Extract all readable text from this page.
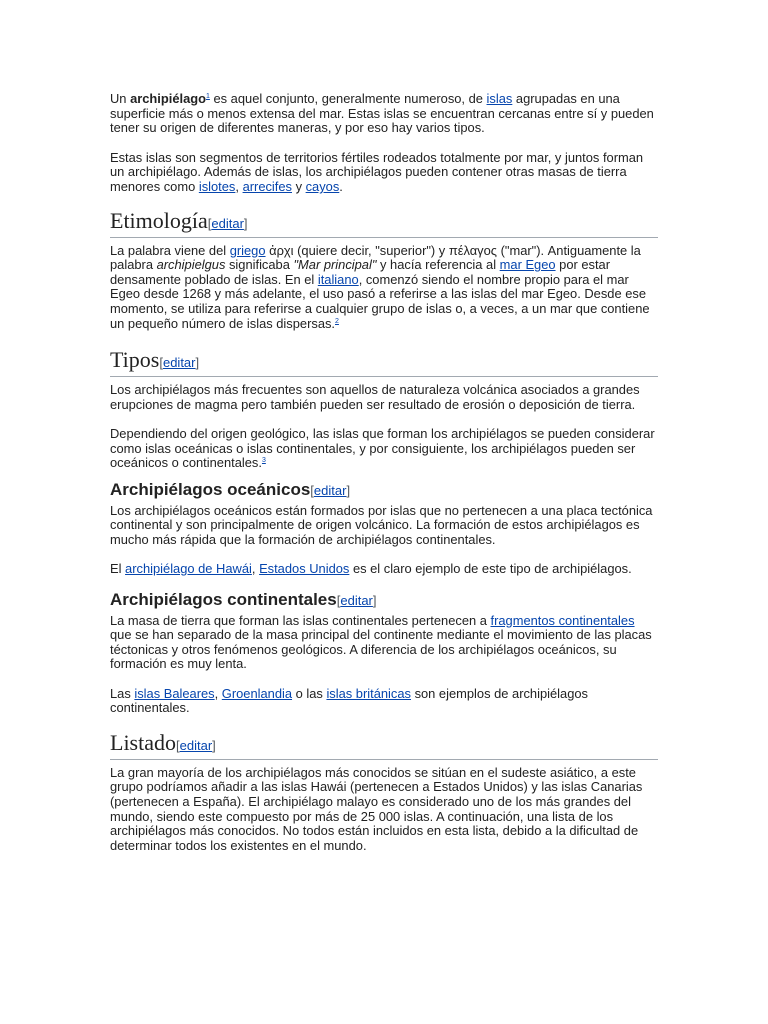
Un archipiélago$^1$ es aquel conjunto, generalmente numeroso, de islas agrupadas en una superficie más o menos extensa del mar. Estas islas se encuentran cercanas entre sí y pueden tener su origen de diferentes maneras, y por eso hay varios tipos.

Estas islas son segmentos de territorios fértiles rodeados totalmente por mar, y juntos forman un archipiélago. Además de islas, los archipiélagos pueden contener otras masas de tierra menores como islotes, arrecifes y cayos.

Etimología[editar]

La palabra viene del griego ἀρχι (quiere decir, "superior") y πέλαγος ("mar"). Antiguamente la palabra archipielgus significaba "Mar principal" y hacía referencia al mar Egeo por estar densamente poblado de islas. En el italiano, comenzó siendo el nombre propio para el mar Egeo desde 1268 y más adelante, el uso pasó a referirse a las islas del mar Egeo. Desde ese momento, se utiliza para referirse a cualquier grupo de islas o, a veces, a un mar que contiene un pequeño número de islas dispersas.$^2$

Tipos[editar]

Los archipiélagos más frecuentes son aquellos de naturaleza volcánica asociados a grandes erupciones de magma pero también pueden ser resultado de erosión o deposición de tierra.

Dependiendo del origen geológico, las islas que forman los archipiélagos se pueden considerar como islas oceánicas o islas continentales, y por consiguiente, los archipiélagos pueden ser oceánicos o continentales.$^3$

Archipiélagos oceánicos[editar]

Los archipiélagos oceánicos están formados por islas que no pertenecen a una placa tectónica continental y son principalmente de origen volcánico. La formación de estos archipiélagos es mucho más rápida que la formación de archipiélagos continentales.

El archipiélago de Hawái, Estados Unidos es el claro ejemplo de este tipo de archipiélagos.

Archipiélagos continentales[editar]

La masa de tierra que forman las islas continentales pertenecen a fragmentos continentales que se han separado de la masa principal del continente mediante el movimiento de las placas téctonicas y otros fenómenos geológicos. A diferencia de los archipiélagos oceánicos, su formación es muy lenta.

Las islas Baleares, Groenlandia o las islas británicas son ejemplos de archipiélagos continentales.

Listado[editar]

La gran mayoría de los archipiélagos más conocidos se sitúan en el sudeste asiático, a este grupo podríamos añadir a las islas Hawái (pertenecen a Estados Unidos) y las islas Canarias (pertenecen a España). El archipiélago malayo es considerado uno de los más grandes del mundo, siendo este compuesto por más de 25 000 islas. A continuación, una lista de los archipiélagos más conocidos. No todos están incluidos en esta lista, debido a la dificultad de determinar todos los existentes en el mundo.
